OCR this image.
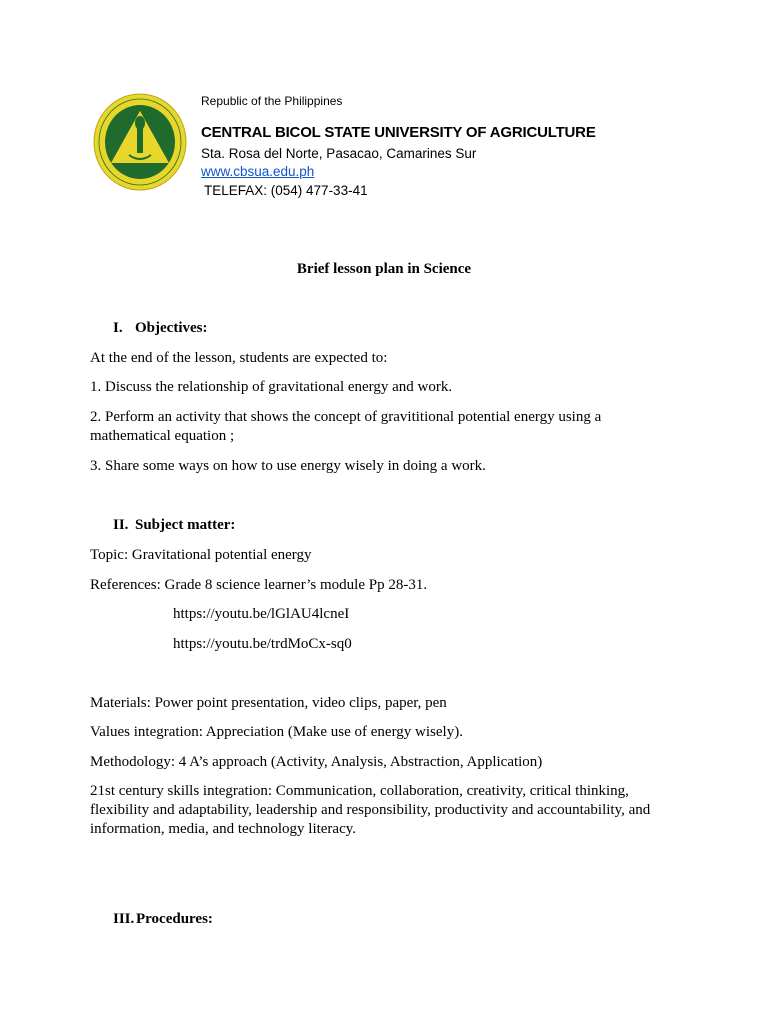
Republic of the Philippines
CENTRAL BICOL STATE UNIVERSITY OF AGRICULTURE
Sta. Rosa del Norte, Pasacao, Camarines Sur
www.cbsua.edu.ph
TELEFAX: (054) 477-33-41
Brief lesson plan in Science
I. Objectives:
At the end of the lesson, students are expected to:
1. Discuss the relationship of gravitational energy and work.
2. Perform an activity that shows the concept of gravititional potential energy using a mathematical equation ;
3. Share some ways on how to use energy wisely in doing a work.
II. Subject matter:
Topic: Gravitational potential energy
References: Grade 8 science learner’s module Pp 28-31.
https://youtu.be/lGlAU4lcneI
https://youtu.be/trdMoCx-sq0
Materials: Power point presentation, video clips, paper, pen
Values integration: Appreciation (Make use of energy wisely).
Methodology: 4 A’s approach (Activity, Analysis, Abstraction, Application)
21st century skills integration: Communication, collaboration, creativity, critical thinking, flexibility and adaptability, leadership and responsibility, productivity and accountability, and information, media, and technology literacy.
III. Procedures:
